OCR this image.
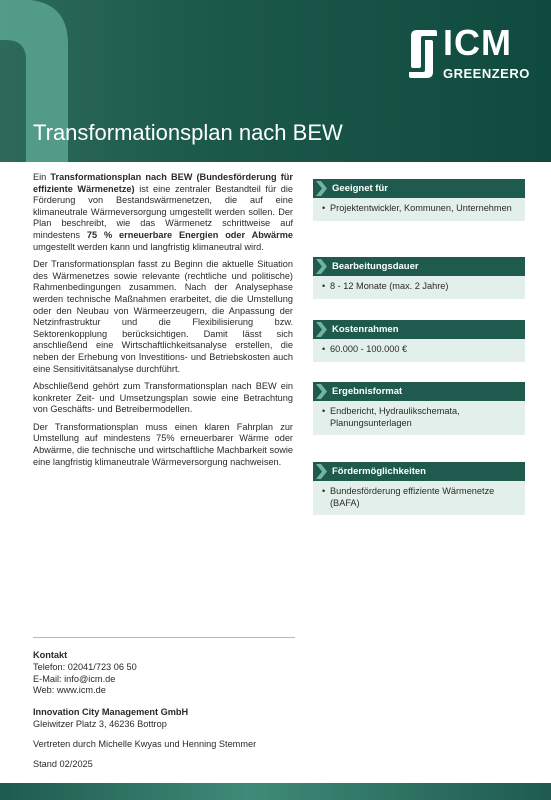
ICM
GREENZERO
Transformationsplan nach BEW

Ein Transformationsplan nach BEW (Bundesförderung für effiziente Wärmenetze) ist eine zentraler Bestandteil für die Förderung von Bestandswärmenetzen, die auf eine klimaneutrale Wärmeversorgung umgestellt werden sollen. Der Plan beschreibt, wie das Wärmenetz schrittweise auf mindestens 75 % erneuerbare Energien oder Abwärme umgestellt werden kann und langfristig klimaneutral wird.

Der Transformationsplan fasst zu Beginn die aktuelle Situation des Wärmenetzes sowie relevante (rechtliche und politische) Rahmenbedingungen zusammen. Nach der Analysephase werden technische Maßnahmen erarbeitet, die die Umstellung oder den Neubau von Wärmeerzeugern, die Anpassung der Netzinfrastruktur und die Flexibilisierung bzw. Sektorenkopplung berücksichtigen. Damit lässt sich anschließend eine Wirtschaftlichkeitsanalyse erstellen, die neben der Erhebung von Investitions- und Betriebskosten auch eine Sensitivitätsanalyse durchführt.

Abschließend gehört zum Transformationsplan nach BEW ein konkreter Zeit- und Umsetzungsplan sowie eine Betrachtung von Geschäfts- und Betreibermodellen.

Der Transformationsplan muss einen klaren Fahrplan zur Umstellung auf mindestens 75% erneuerbarer Wärme oder Abwärme, die technische und wirtschaftliche Machbarkeit sowie eine langfristig klimaneutrale Wärmeversorgung nachweisen.

Geeignet für
• Projektentwickler, Kommunen, Unternehmen
Bearbeitungsdauer
• 8 - 12 Monate (max. 2 Jahre)
Kostenrahmen
• 60.000 - 100.000 €
Ergebnisformat
• Endbericht, Hydraulikschemata, Planungsunterlagen
Fördermöglichkeiten
• Bundesförderung effiziente Wärmenetze (BAFA)

Kontakt

Telefon: 02041/723 06 50

E-Mail: info@icm.de

Web: www.icm.de

Innovation City Management GmbH

Gleiwitzer Platz 3, 46236 Bottrop

Vertreten durch Michelle Kwyas und Henning Stemmer

Stand 02/2025
